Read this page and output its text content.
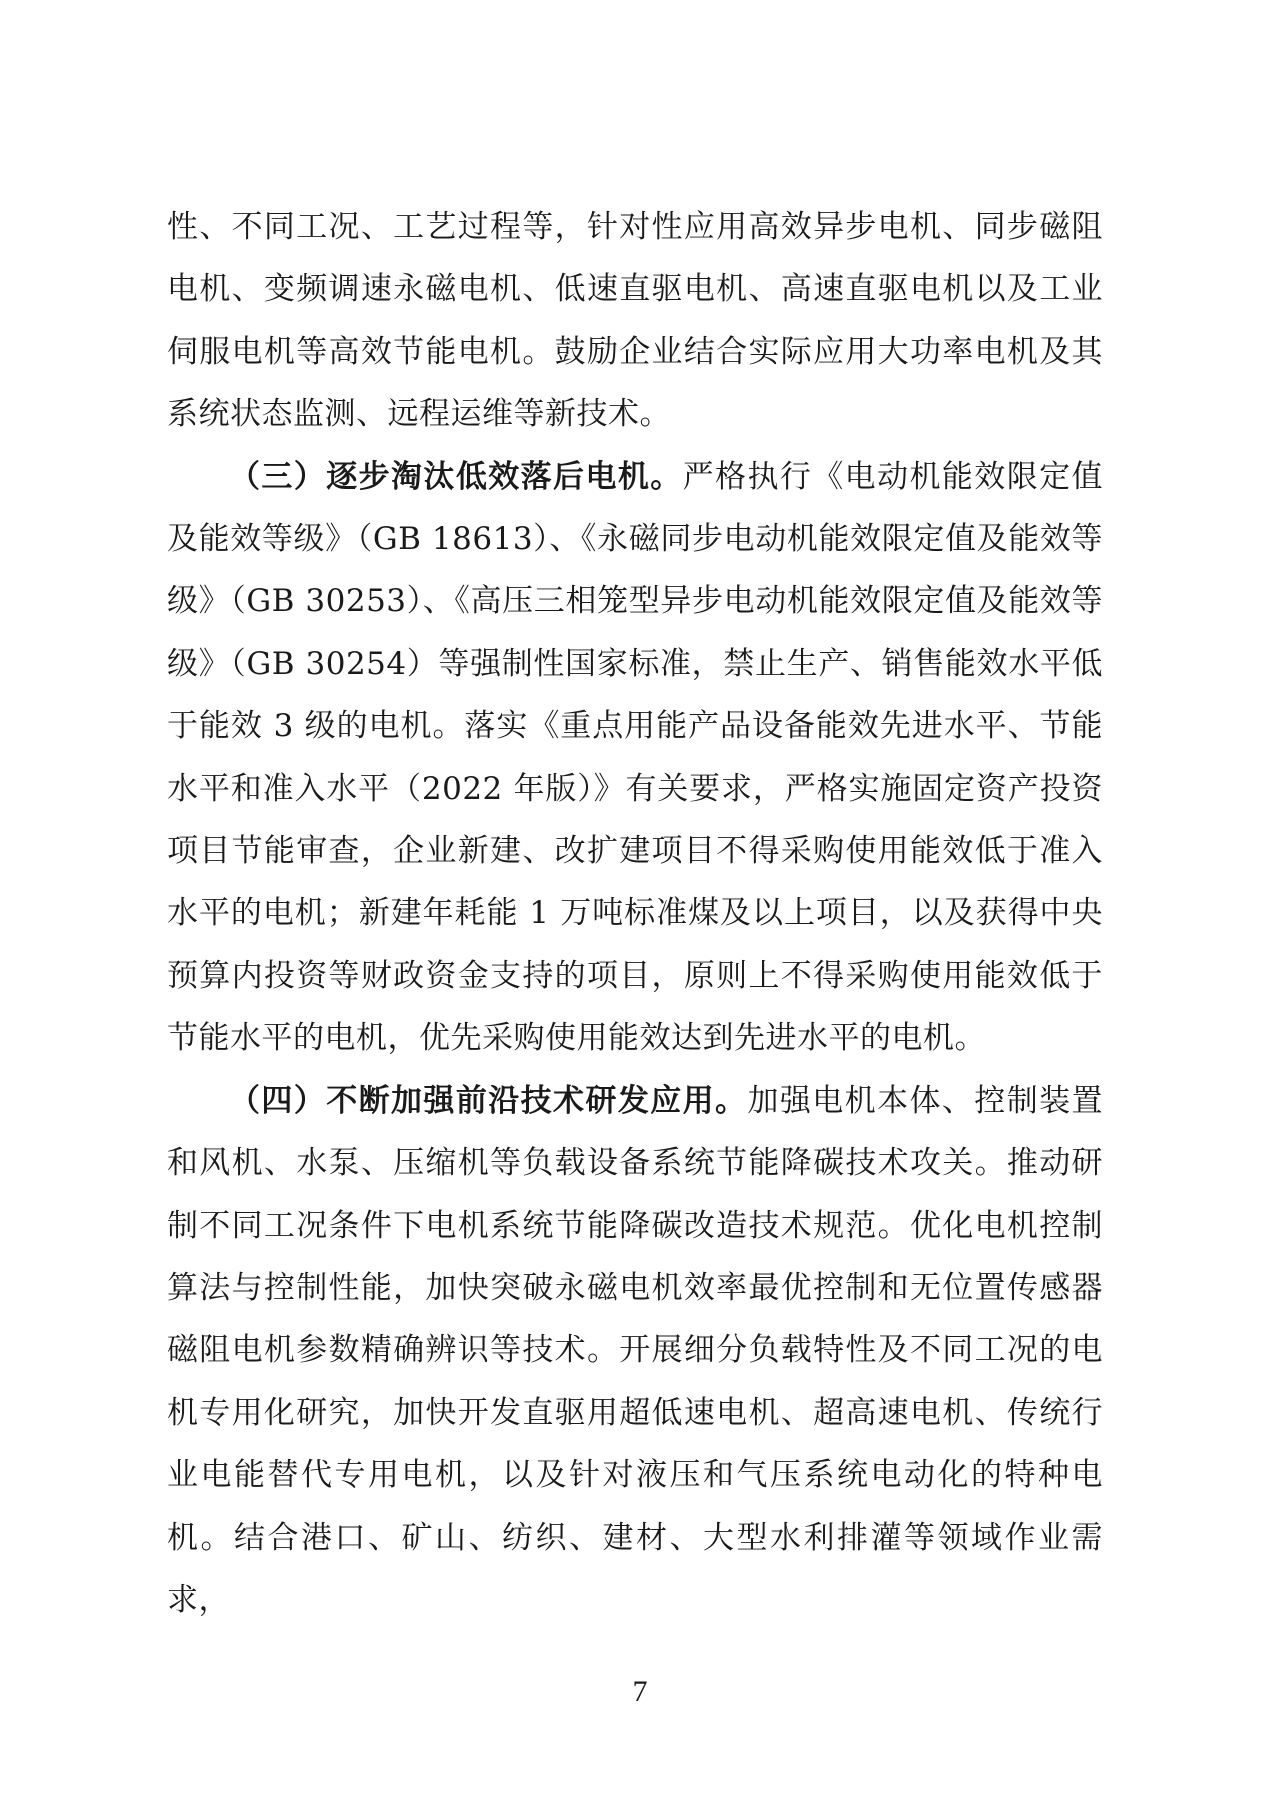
性、不同工况、工艺过程等，针对性应用高效异步电机、同步磁阻电机、变频调速永磁电机、低速直驱电机、高速直驱电机以及工业伺服电机等高效节能电机。鼓励企业结合实际应用大功率电机及其系统状态监测、远程运维等新技术。

（三）逐步淘汰低效落后电机。严格执行《电动机能效限定值及能效等级》（GB 18613）、《永磁同步电动机能效限定值及能效等级》（GB 30253）、《高压三相笼型异步电动机能效限定值及能效等级》（GB 30254）等强制性国家标准，禁止生产、销售能效水平低于能效 3 级的电机。落实《重点用能产品设备能效先进水平、节能水平和准入水平（2022 年版）》有关要求，严格实施固定资产投资项目节能审查，企业新建、改扩建项目不得采购使用能效低于准入水平的电机；新建年耗能 1 万吨标准煤及以上项目，以及获得中央预算内投资等财政资金支持的项目，原则上不得采购使用能效低于节能水平的电机，优先采购使用能效达到先进水平的电机。

（四）不断加强前沿技术研发应用。加强电机本体、控制装置和风机、水泵、压缩机等负载设备系统节能降碳技术攻关。推动研制不同工况条件下电机系统节能降碳改造技术规范。优化电机控制算法与控制性能，加快突破永磁电机效率最优控制和无位置传感器磁阻电机参数精确辨识等技术。开展细分负载特性及不同工况的电机专用化研究，加快开发直驱用超低速电机、超高速电机、传统行业电能替代专用电机，以及针对液压和气压系统电动化的特种电机。结合港口、矿山、纺织、建材、大型水利排灌等领域作业需求，

7
